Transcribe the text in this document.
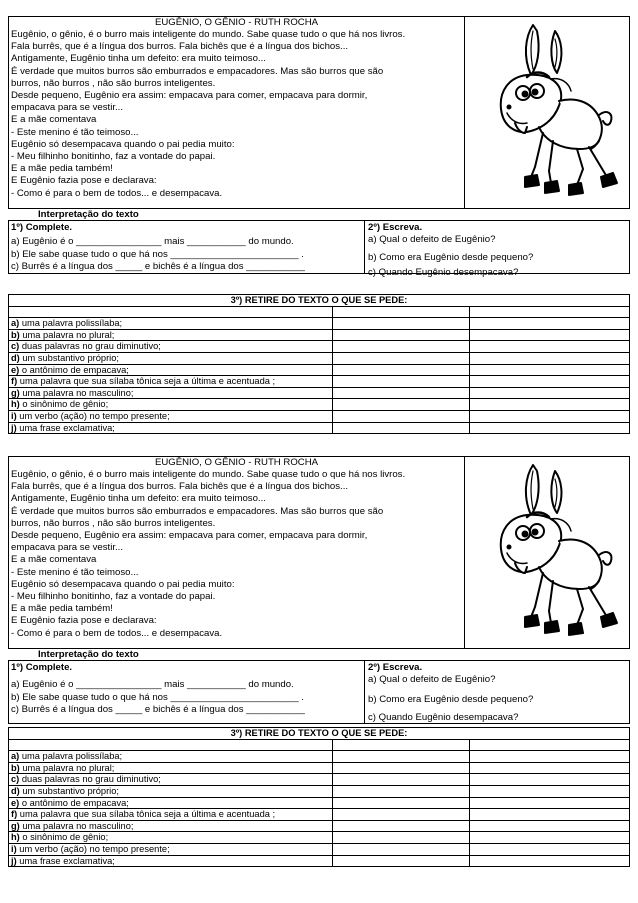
EUGÊNIO, O GÊNIO - RUTH ROCHA
Eugênio, o gênio, é o burro mais inteligente do mundo. Sabe quase tudo o que há nos livros.
Fala burrês, que é a língua dos burros. Fala bichês que é a língua dos bichos...
Antigamente, Eugênio tinha um defeito: era muito teimoso...
É verdade que muitos burros são emburrados e empacadores. Mas são burros que são
burros, não burros , não são burros inteligentes.
Desde pequeno, Eugênio era assim: empacava para comer, empacava para dormir,
empacava para se vestir...
E a mãe comentava
- Este menino é tão teimoso...
Eugênio só desempacava quando o pai pedia muito:
- Meu filhinho bonitinho, faz a vontade do papai.
E a mãe pedia também!
E Eugênio fazia pose e declarava:
- Como é para o bem de todos... e desempacava.
Interpretação do texto
1º) Complete.
a) Eugênio é o ________________ mais ___________ do mundo.
b) Ele sabe quase tudo o que há nos ________________________ .
c) Burrês é a língua dos _____ e bichês é a língua dos ___________
2º) Escreva.
a) Qual o defeito de Eugênio?
b) Como era Eugênio desde pequeno?
c) Quando Eugênio desempacava?
3º) RETIRE DO TEXTO O QUE SE PEDE:		

a) uma palavra polissílaba;		
b) uma palavra no plural;		
c) duas palavras no grau diminutivo;		
d) um substantivo próprio;		
e) o antônimo de empacava;		
f) uma palavra que sua sílaba tônica seja a última e acentuada ;		
g) uma palavra no masculino;		
h) o sinônimo de gênio;		
i) um verbo (ação) no tempo presente;		
j) uma frase exclamativa;		
EUGÊNIO, O GÊNIO - RUTH ROCHA
Eugênio, o gênio, é o burro mais inteligente do mundo. Sabe quase tudo o que há nos livros.
Fala burrês, que é a língua dos burros. Fala bichês que é a língua dos bichos...
Antigamente, Eugênio tinha um defeito: era muito teimoso...
É verdade que muitos burros são emburrados e empacadores. Mas são burros que são
burros, não burros , não são burros inteligentes.
Desde pequeno, Eugênio era assim: empacava para comer, empacava para dormir,
empacava para se vestir...
E a mãe comentava
- Este menino é tão teimoso...
Eugênio só desempacava quando o pai pedia muito:
- Meu filhinho bonitinho, faz a vontade do papai.
E a mãe pedia também!
E Eugênio fazia pose e declarava:
- Como é para o bem de todos... e desempacava.
Interpretação do texto
1º) Complete.
a) Eugênio é o ________________ mais ___________ do mundo.
b) Ele sabe quase tudo o que há nos ________________________ .
c) Burrês é a língua dos _____ e bichês é a língua dos ___________
2º) Escreva.
a) Qual o defeito de Eugênio?
b) Como era Eugênio desde pequeno?
c) Quando Eugênio desempacava?
3º) RETIRE DO TEXTO O QUE SE PEDE:		

a) uma palavra polissílaba;		
b) uma palavra no plural;		
c) duas palavras no grau diminutivo;		
d) um substantivo próprio;		
e) o antônimo de empacava;		
f) uma palavra que sua sílaba tônica seja a última e acentuada ;		
g) uma palavra no masculino;		
h) o sinônimo de gênio;		
i) um verbo (ação) no tempo presente;		
j) uma frase exclamativa;		
